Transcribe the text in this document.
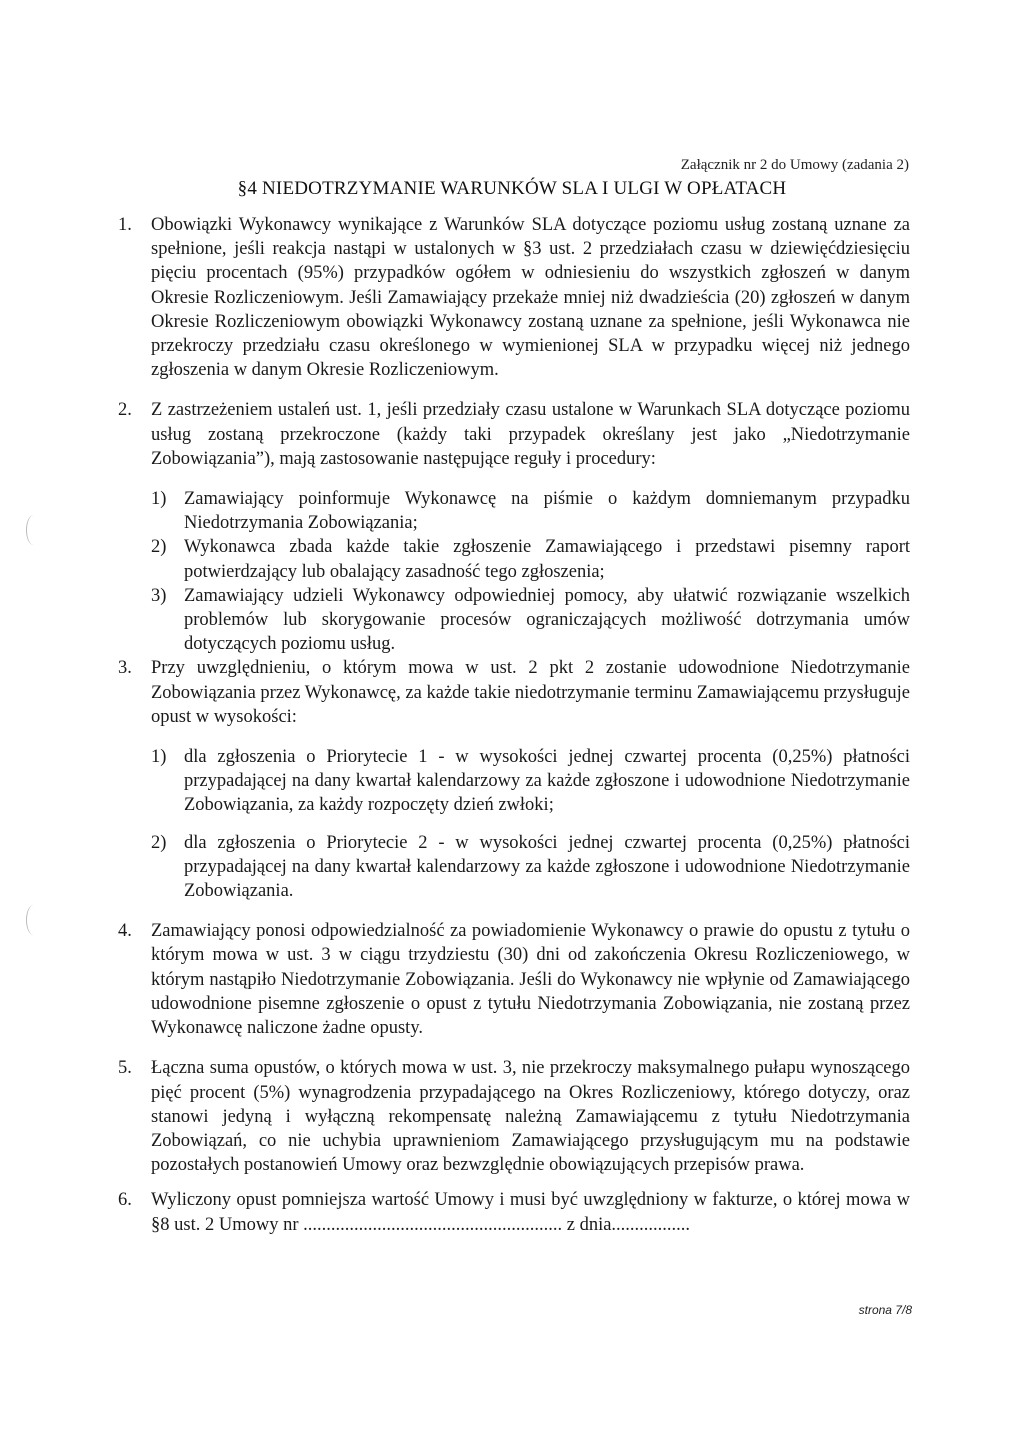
Załącznik nr 2 do Umowy (zadania 2)
§4 NIEDOTRZYMANIE WARUNKÓW SLA I ULGI W OPŁATACH
1. Obowiązki Wykonawcy wynikające z Warunków SLA dotyczące poziomu usług zostaną uznane za spełnione, jeśli reakcja nastąpi w ustalonych w §3 ust. 2 przedziałach czasu w dziewięćdziesięciu pięciu procentach (95%) przypadków ogółem w odniesieniu do wszystkich zgłoszeń w danym Okresie Rozliczeniowym. Jeśli Zamawiający przekaże mniej niż dwadzieścia (20) zgłoszeń w danym Okresie Rozliczeniowym obowiązki Wykonawcy zostaną uznane za spełnione, jeśli Wykonawca nie przekroczy przedziału czasu określonego w wymienionej SLA w przypadku więcej niż jednego zgłoszenia w danym Okresie Rozliczeniowym.
2. Z zastrzeżeniem ustaleń ust. 1, jeśli przedziały czasu ustalone w Warunkach SLA dotyczące poziomu usług zostaną przekroczone (każdy taki przypadek określany jest jako „Niedotrzymanie Zobowiązania”), mają zastosowanie następujące reguły i procedury:
1) Zamawiający poinformuje Wykonawcę na piśmie o każdym domniemanym przypadku Niedotrzymania Zobowiązania;
2) Wykonawca zbada każde takie zgłoszenie Zamawiającego i przedstawi pisemny raport potwierdzający lub obalający zasadność tego zgłoszenia;
3) Zamawiający udzieli Wykonawcy odpowiedniej pomocy, aby ułatwić rozwiązanie wszelkich problemów lub skorygowanie procesów ograniczających możliwość dotrzymania umów dotyczących poziomu usług.
3. Przy uwzględnieniu, o którym mowa w ust. 2 pkt 2 zostanie udowodnione Niedotrzymanie Zobowiązania przez Wykonawcę, za każde takie niedotrzymanie terminu Zamawiającemu przysługuje opust w wysokości:
1) dla zgłoszenia o Priorytecie 1 - w wysokości jednej czwartej procenta (0,25%) płatności przypadającej na dany kwartał kalendarzowy za każde zgłoszone i udowodnione Niedotrzymanie Zobowiązania, za każdy rozpoczęty dzień zwłoki;
2) dla zgłoszenia o Priorytecie 2 - w wysokości jednej czwartej procenta (0,25%) płatności przypadającej na dany kwartał kalendarzowy za każde zgłoszone i udowodnione Niedotrzymanie Zobowiązania.
4. Zamawiający ponosi odpowiedzialność za powiadomienie Wykonawcy o prawie do opustu z tytułu o którym mowa w ust. 3 w ciągu trzydziestu (30) dni od zakończenia Okresu Rozliczeniowego, w którym nastąpiło Niedotrzymanie Zobowiązania. Jeśli do Wykonawcy nie wpłynie od Zamawiającego udowodnione pisemne zgłoszenie o opust z tytułu Niedotrzymania Zobowiązania, nie zostaną przez Wykonawcę naliczone żadne opusty.
5. Łączna suma opustów, o których mowa w ust. 3, nie przekroczy maksymalnego pułapu wynoszącego pięć procent (5%) wynagrodzenia przypadającego na Okres Rozliczeniowy, którego dotyczy, oraz stanowi jedyną i wyłączną rekompensatę należną Zamawiającemu z tytułu Niedotrzymania Zobowiązań, co nie uchybia uprawnieniom Zamawiającego przysługującym mu na podstawie pozostałych postanowień Umowy oraz bezwzględnie obowiązujących przepisów prawa.
6. Wyliczony opust pomniejsza wartość Umowy i musi być uwzględniony w fakturze, o której mowa w §8 ust. 2 Umowy nr ........................................................ z dnia.................
strona 7/8
